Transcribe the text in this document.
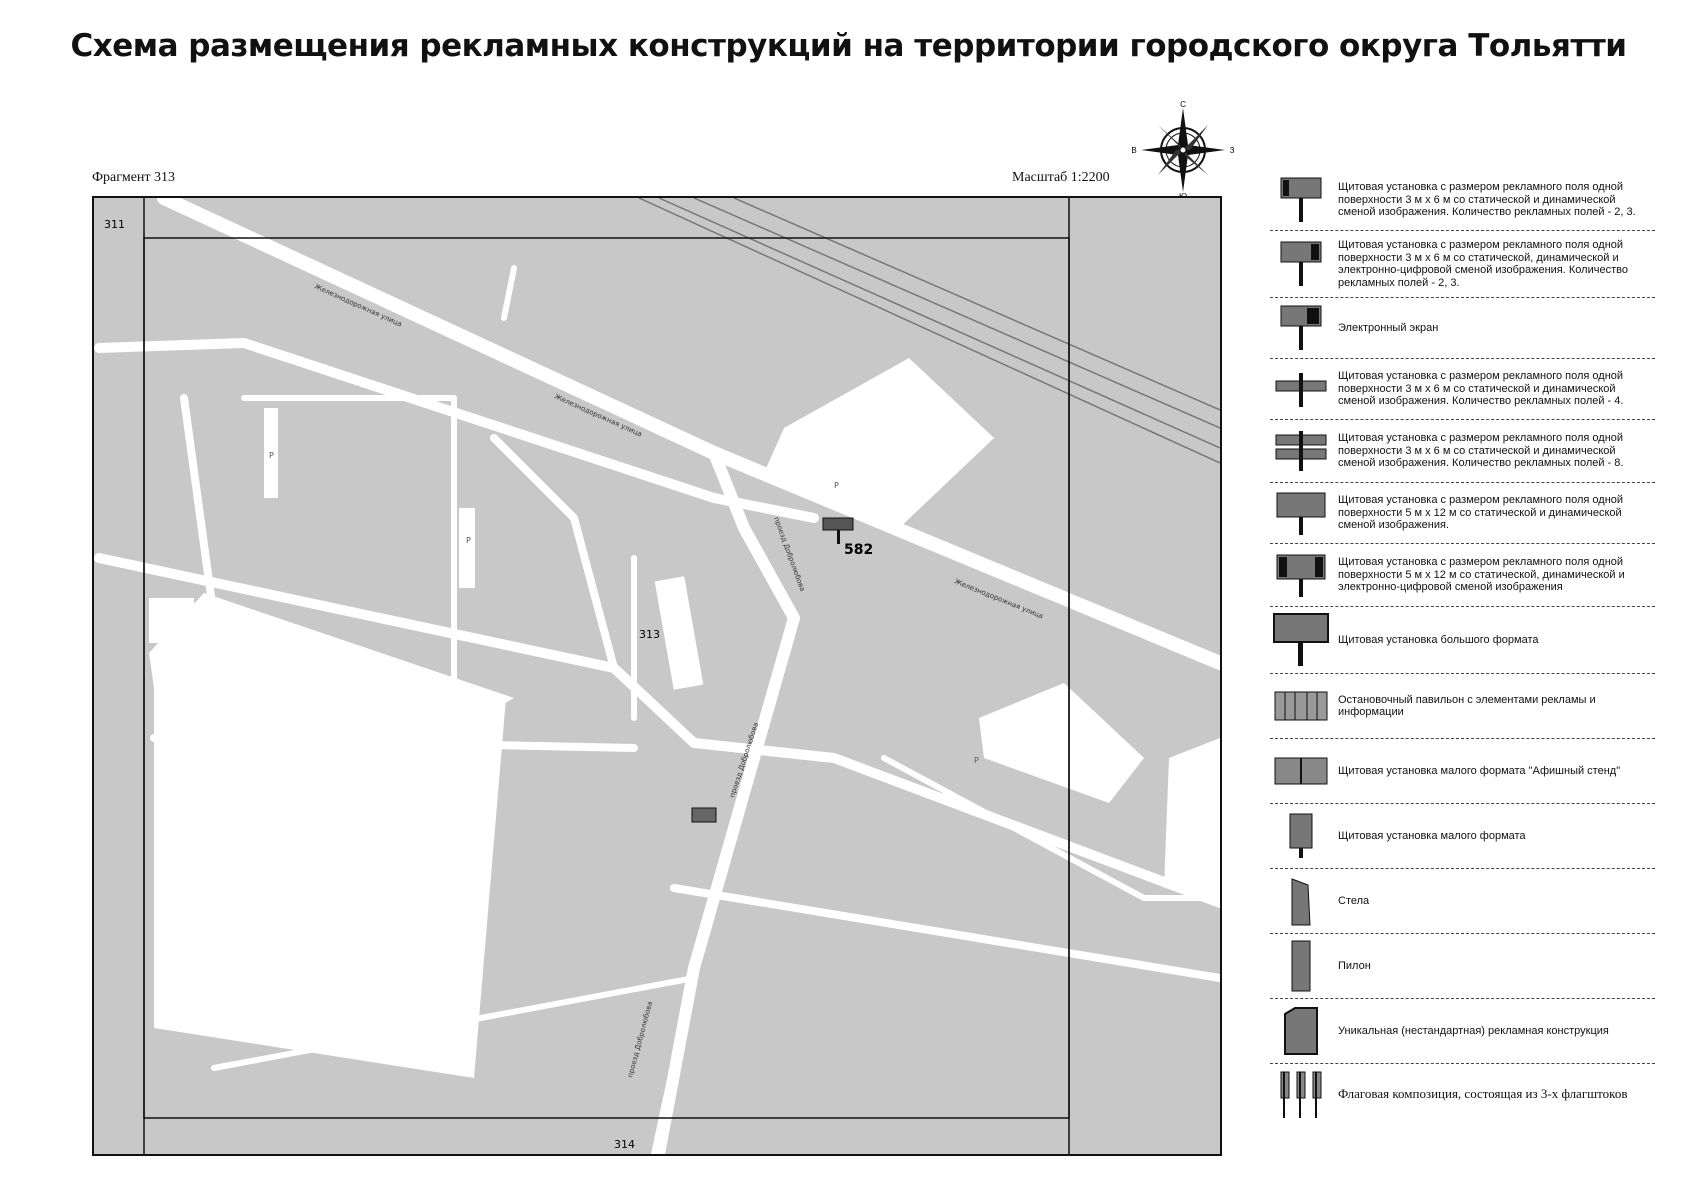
Схема размещения рекламных конструкций на территории городского округа Тольятти
Фрагмент 313	Масштаб 1:2200
С
В	З
311
313
314
Железнодорожная улица
Железнодорожная улица
Железнодорожная улица
проезд Добролюбова
проезд Добролюбова
проезд Добролюбова
Р
Р
Р
Р
582
Щитовая установка с размером рекламного поля одной поверхности 3 м х 6 м со статической и динамической сменой изображения. Количество рекламных полей - 2, 3.
Щитовая установка с размером рекламного поля одной поверхности 3 м х 6 м со статической, динамической и электронно-цифровой сменой изображения. Количество рекламных полей - 2, 3.
Электронный экран
Щитовая установка с размером рекламного поля одной поверхности 3 м х 6 м со статической и динамической сменой изображения. Количество рекламных полей - 4.
Щитовая установка с размером рекламного поля одной поверхности 3 м х 6 м со статической и динамической сменой изображения. Количество рекламных полей - 8.
Щитовая установка с размером рекламного поля одной поверхности 5 м х 12 м со статической и динамической сменой изображения.
Щитовая установка с размером рекламного поля одной поверхности 5 м х 12 м со статической, динамической и электронно-цифровой сменой изображения
Щитовая установка большого формата
Остановочный павильон с элементами рекламы и информации
Щитовая установка малого формата "Афишный стенд"
Щитовая установка малого формата
Стела
Пилон
Уникальная (нестандартная) рекламная конструкция
Флаговая композиция, состоящая из 3-х флагштоков
